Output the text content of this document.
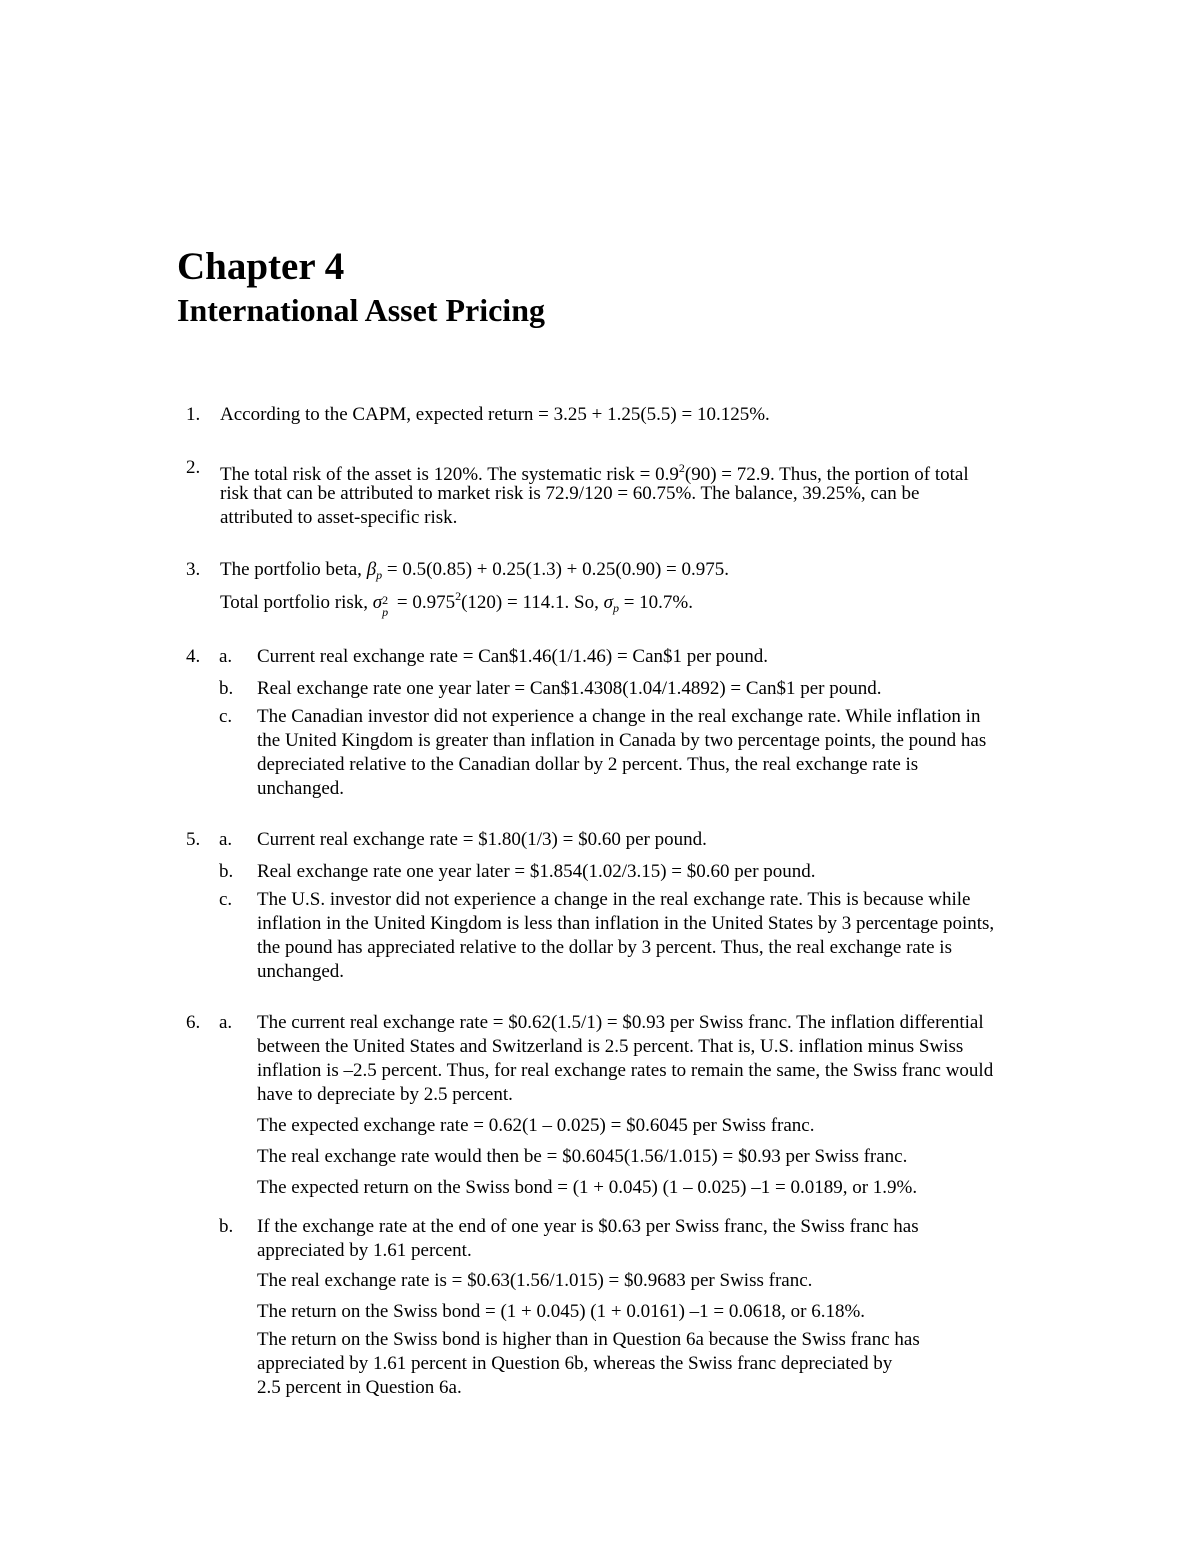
Chapter 4
International Asset Pricing
1. According to the CAPM, expected return = 3.25 + 1.25(5.5) = 10.125%.
2. The total risk of the asset is 120%. The systematic risk = $0.9^2(90) = 72.9$. Thus, the portion of total
risk that can be attributed to market risk is 72.9/120 = 60.75%. The balance, 39.25%, can be
attributed to asset-specific risk.
3. The portfolio beta, $\beta_p = 0.5(0.85) + 0.25(1.3) + 0.25(0.90) = 0.975$.
Total portfolio risk, σ 2
$p = 0.975^2(120) = 114.1$. So, $\sigma_p = 10.7\%$.
4. a. Current real exchange rate = Can$1.46(1/1.46) = Can$1 per pound.
b. Real exchange rate one year later = Can$1.4308(1.04/1.4892) = Can$1 per pound.
c. The Canadian investor did not experience a change in the real exchange rate. While inflation in
the United Kingdom is greater than inflation in Canada by two percentage points, the pound has
depreciated relative to the Canadian dollar by 2 percent. Thus, the real exchange rate is
unchanged.
5. a. Current real exchange rate = $1.80(1/3) = $0.60 per pound.
b. Real exchange rate one year later = $1.854(1.02/3.15) = $0.60 per pound.
c. The U.S. investor did not experience a change in the real exchange rate. This is because while
inflation in the United Kingdom is less than inflation in the United States by 3 percentage points,
the pound has appreciated relative to the dollar by 3 percent. Thus, the real exchange rate is
unchanged.
6. a. The current real exchange rate = $0.62(1.5/1) = $0.93 per Swiss franc. The inflation differential
between the United States and Switzerland is 2.5 percent. That is, U.S. inflation minus Swiss
inflation is –2.5 percent. Thus, for real exchange rates to remain the same, the Swiss franc would
have to depreciate by 2.5 percent.
The expected exchange rate = 0.62(1 – 0.025) = $0.6045 per Swiss franc.
The real exchange rate would then be = $0.6045(1.56/1.015) = $0.93 per Swiss franc.
The expected return on the Swiss bond = (1 + 0.045) (1 – 0.025) –1 = 0.0189, or 1.9%.
b. If the exchange rate at the end of one year is $0.63 per Swiss franc, the Swiss franc has
appreciated by 1.61 percent.
The real exchange rate is = $0.63(1.56/1.015) = $0.9683 per Swiss franc.
The return on the Swiss bond = (1 + 0.045) (1 + 0.0161) –1 = 0.0618, or 6.18%.
The return on the Swiss bond is higher than in Question 6a because the Swiss franc has
appreciated by 1.61 percent in Question 6b, whereas the Swiss franc depreciated by
2.5 percent in Question 6a.
